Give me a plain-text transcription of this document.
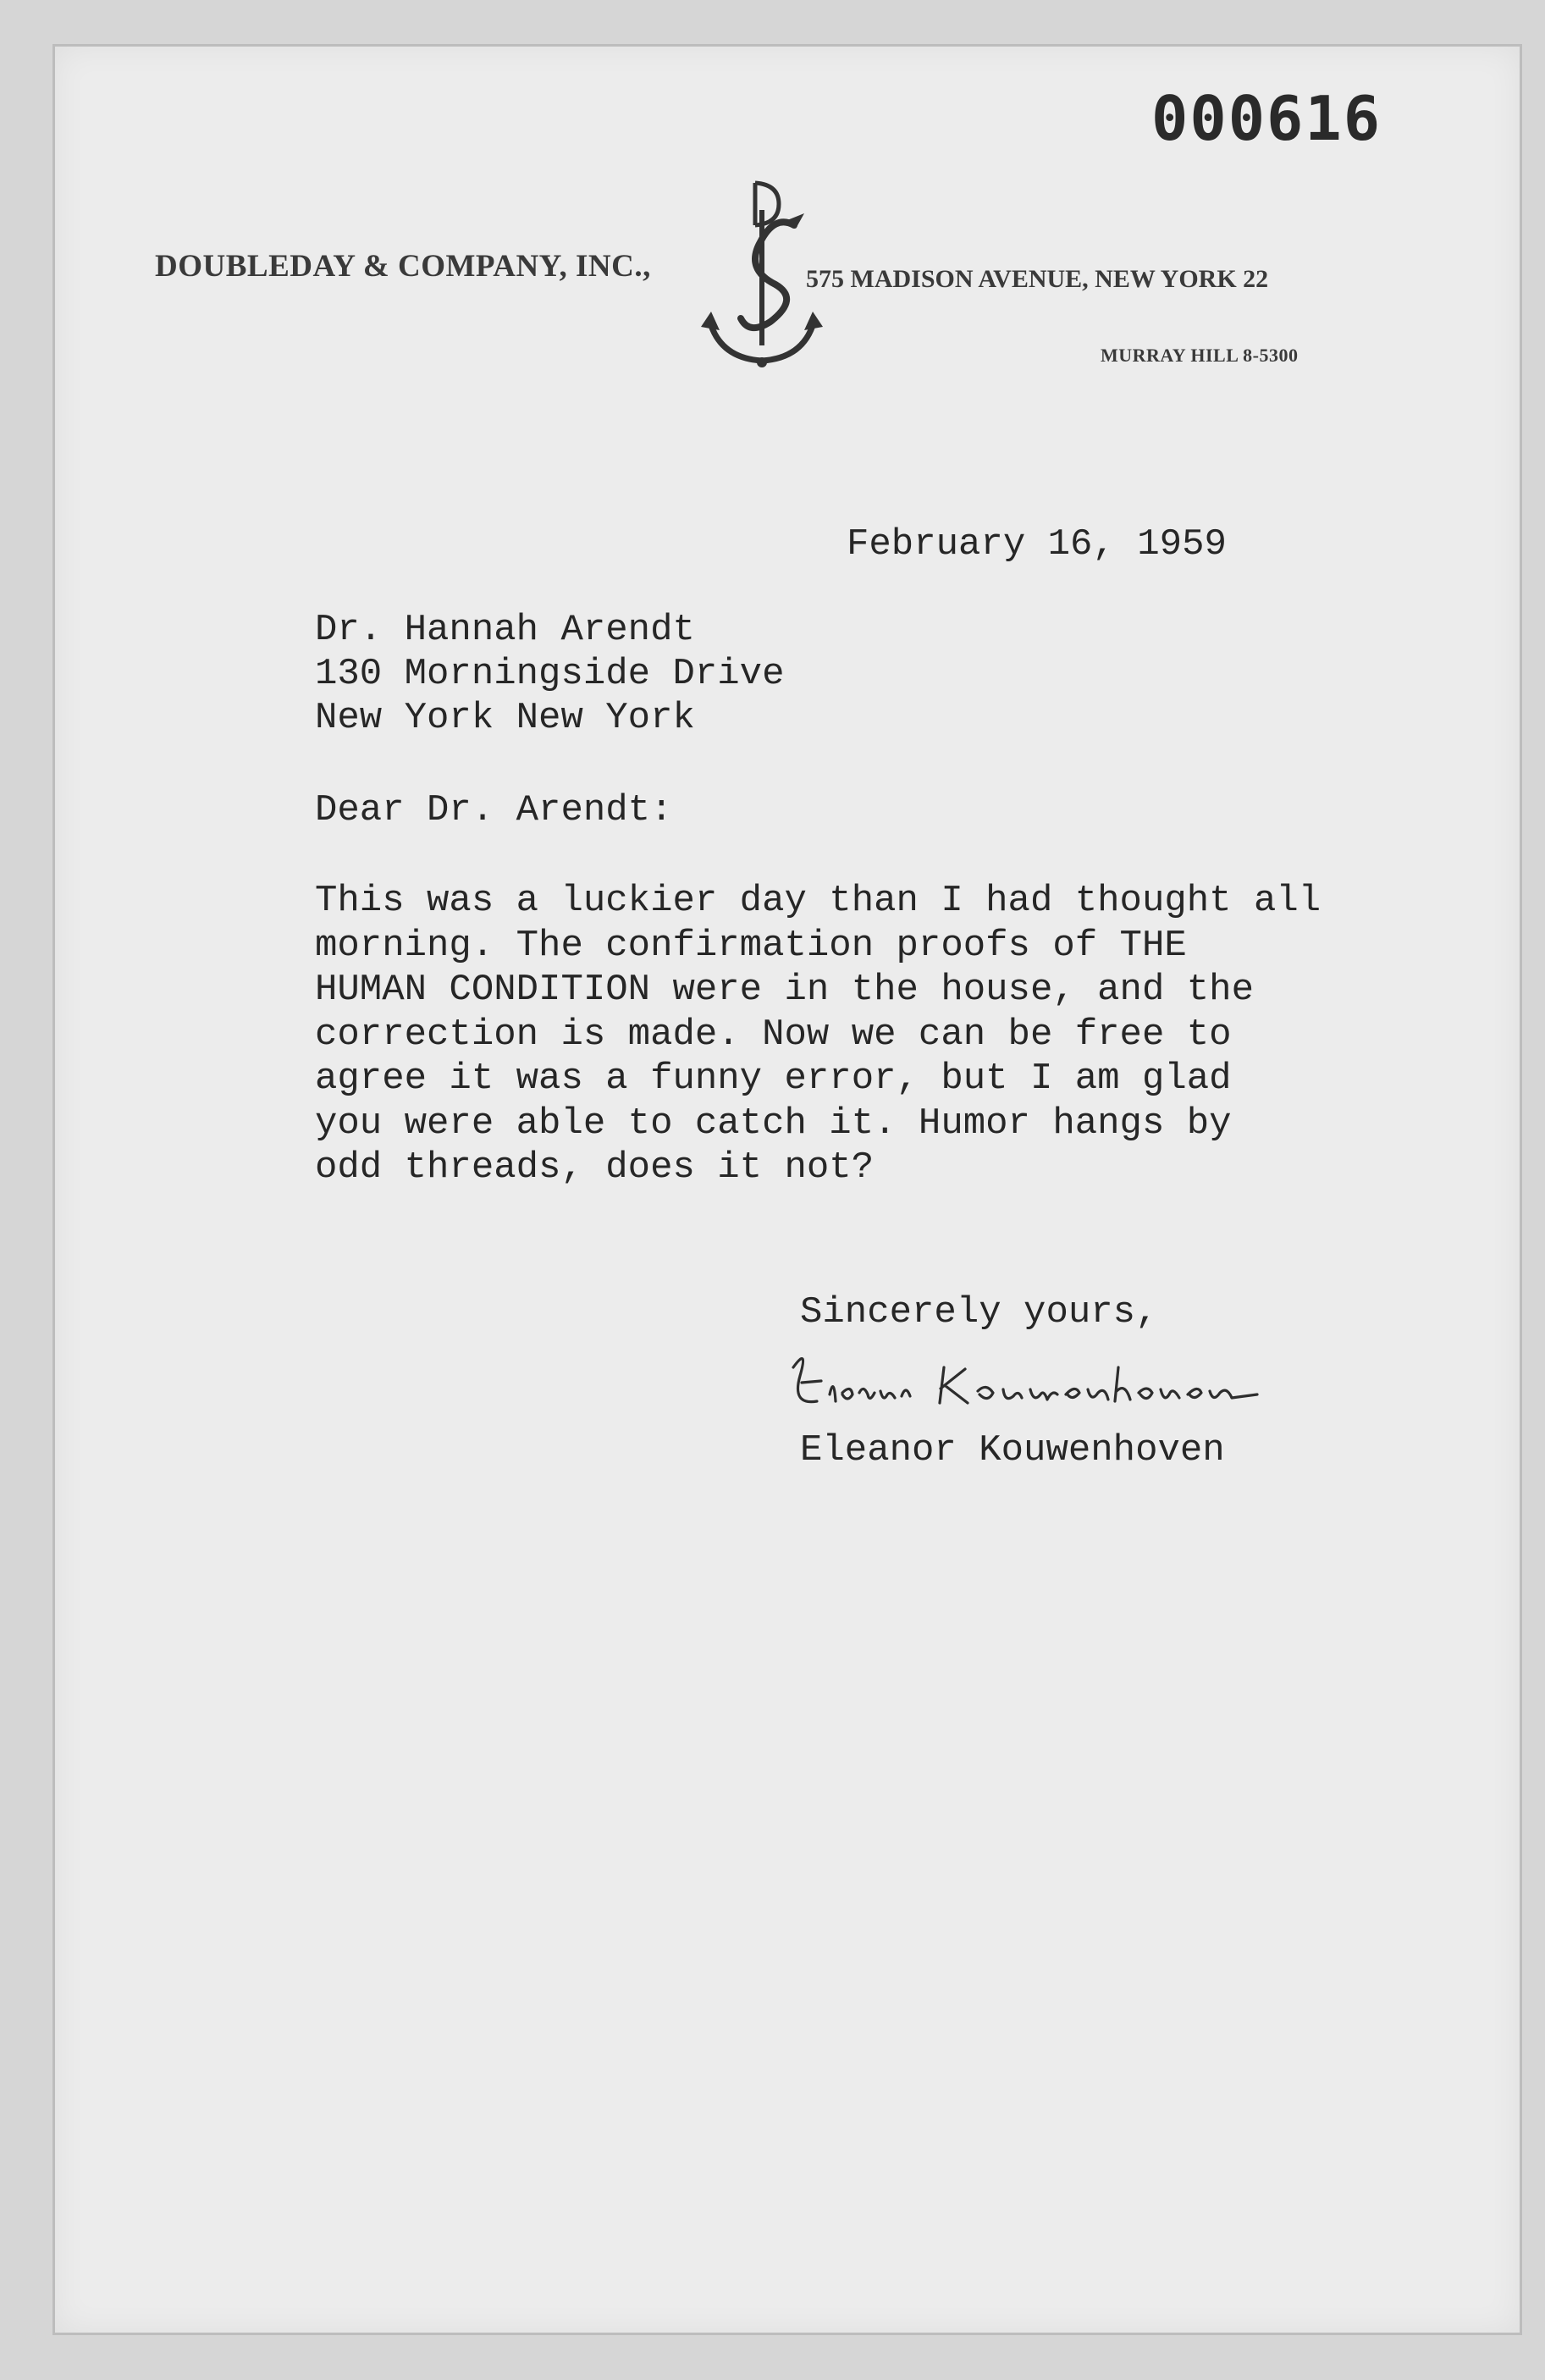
000616
DOUBLEDAY & COMPANY, INC.,	575 MADISON AVENUE, NEW YORK 22
MURRAY HILL 8-5300
February 16, 1959
Dr. Hannah Arendt
130 Morningside Drive
New York New York
Dear Dr. Arendt:
This was a luckier day than I had thought all
morning. The confirmation proofs of THE
HUMAN CONDITION were in the house, and the
correction is made. Now we can be free to
agree it was a funny error, but I am glad
you were able to catch it. Humor hangs by
odd threads, does it not?
Sincerely yours,
Eleanor Kouwenhoven
